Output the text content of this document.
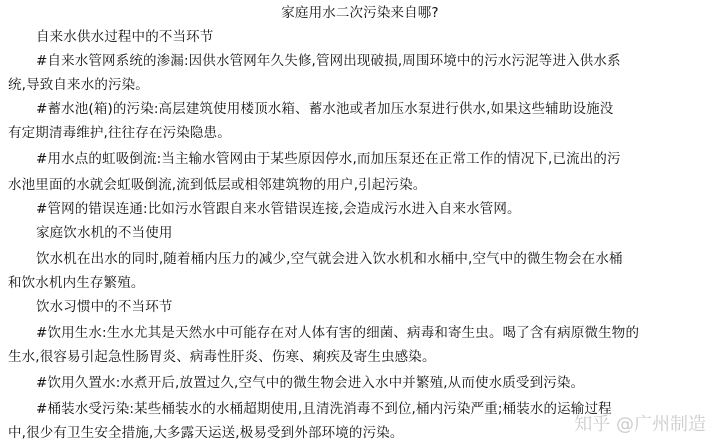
家庭用水二次污染来自哪?
自来水供水过程中的不当环节
#自来水管网系统的渗漏:因供水管网年久失修,管网出现破损,周围环境中的污水污泥等进入供水系
统,导致自来水的污染。
#蓄水池(箱)的污染:高层建筑使用楼顶水箱、蓄水池或者加压水泵进行供水,如果这些辅助设施没
有定期清毒维护,往往存在污染隐患。
#用水点的虹吸倒流:当主输水管网由于某些原因停水,而加压泵还在正常工作的情况下,已流出的污
水池里面的水就会虹吸倒流,流到低层或相邻建筑物的用户,引起污染。
#管网的错误连通:比如污水管跟自来水管错误连接,会造成污水进入自来水管网。
家庭饮水机的不当使用
饮水机在出水的同时,随着桶内压力的减少,空气就会进入饮水机和水桶中,空气中的微生物会在水桶
和饮水机内生存繁殖。
饮水习惯中的不当环节
#饮用生水:生水尤其是天然水中可能存在对人体有害的细菌、病毒和寄生虫。喝了含有病原微生物的
生水,很容易引起急性肠胃炎、病毒性肝炎、伤寒、痢疾及寄生虫感染。
#饮用久置水:水煮开后,放置过久,空气中的微生物会进入水中并繁殖,从而使水质受到污染。
#桶装水受污染:某些桶装水的水桶超期使用,且清洗消毒不到位,桶内污染严重;桶装水的运输过程
中,很少有卫生安全措施,大多露天运送,极易受到外部环境的污染。	知乎 @广州制造
